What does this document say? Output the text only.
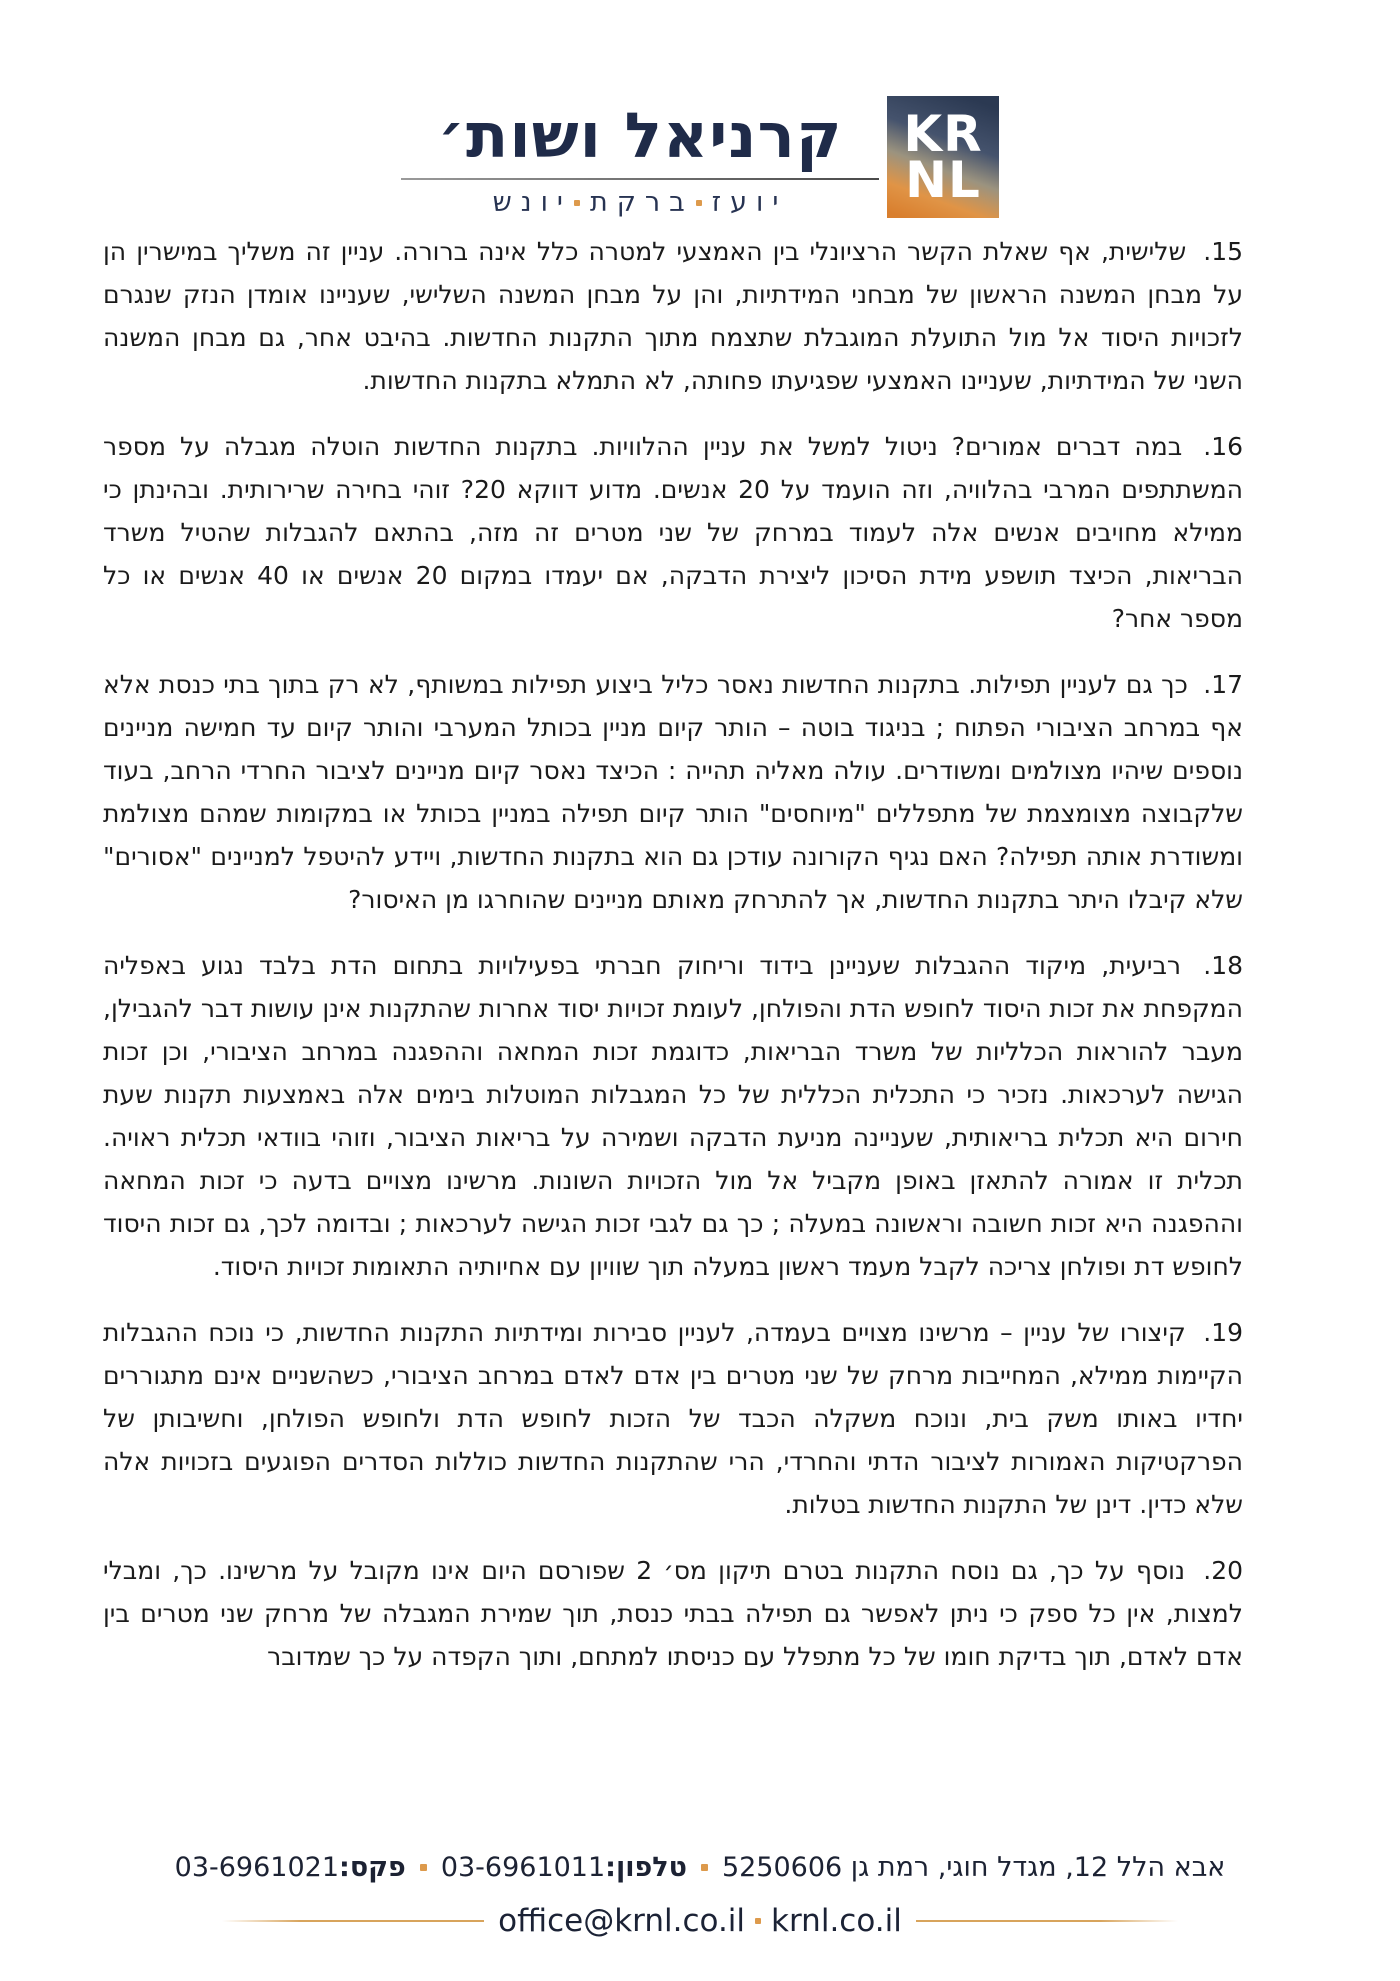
קרניאל ושות׳
יועז
ברקת
יונש
KR
NL
15. שלישית, אף שאלת הקשר הרציונלי בין האמצעי למטרה כלל אינה ברורה. עניין זה משליך במישרין הן על מבחן המשנה הראשון של מבחני המידתיות, והן על מבחן המשנה השלישי, שעניינו אומדן הנזק שנגרם לזכויות היסוד אל מול התועלת המוגבלת שתצמח מתוך התקנות החדשות. בהיבט אחר, גם מבחן המשנה השני של המידתיות, שעניינו האמצעי שפגיעתו פחותה, לא התמלא בתקנות החדשות.
16. במה דברים אמורים? ניטול למשל את עניין ההלוויות. בתקנות החדשות הוטלה מגבלה על מספר המשתתפים המרבי בהלוויה, וזה הועמד על 20 אנשים. מדוע דווקא 20? זוהי בחירה שרירותית. ובהינתן כי ממילא מחויבים אנשים אלה לעמוד במרחק של שני מטרים זה מזה, בהתאם להגבלות שהטיל משרד הבריאות, הכיצד תושפע מידת הסיכון ליצירת הדבקה, אם יעמדו במקום 20 אנשים או 40 אנשים או כל מספר אחר?
17. כך גם לעניין תפילות. בתקנות החדשות נאסר כליל ביצוע תפילות במשותף, לא רק בתוך בתי כנסת אלא אף במרחב הציבורי הפתוח ; בניגוד בוטה – הותר קיום מניין בכותל המערבי והותר קיום עד חמישה מניינים נוספים שיהיו מצולמים ומשודרים. עולה מאליה תהייה : הכיצד נאסר קיום מניינים לציבור החרדי הרחב, בעוד שלקבוצה מצומצמת של מתפללים "מיוחסים" הותר קיום תפילה במניין בכותל או במקומות שמהם מצולמת ומשודרת אותה תפילה? האם נגיף הקורונה עודכן גם הוא בתקנות החדשות, ויידע להיטפל למניינים "אסורים" שלא קיבלו היתר בתקנות החדשות, אך להתרחק מאותם מניינים שהוחרגו מן האיסור?
18. רביעית, מיקוד ההגבלות שעניינן בידוד וריחוק חברתי בפעילויות בתחום הדת בלבד נגוע באפליה המקפחת את זכות היסוד לחופש הדת והפולחן, לעומת זכויות יסוד אחרות שהתקנות אינן עושות דבר להגבילן, מעבר להוראות הכלליות של משרד הבריאות, כדוגמת זכות המחאה וההפגנה במרחב הציבורי, וכן זכות הגישה לערכאות. נזכיר כי התכלית הכללית של כל המגבלות המוטלות בימים אלה באמצעות תקנות שעת חירום היא תכלית בריאותית, שעניינה מניעת הדבקה ושמירה על בריאות הציבור, וזוהי בוודאי תכלית ראויה. תכלית זו אמורה להתאזן באופן מקביל אל מול הזכויות השונות. מרשינו מצויים בדעה כי זכות המחאה וההפגנה היא זכות חשובה וראשונה במעלה ; כך גם לגבי זכות הגישה לערכאות ; ובדומה לכך, גם זכות היסוד לחופש דת ופולחן צריכה לקבל מעמד ראשון במעלה תוך שוויון עם אחיותיה התאומות זכויות היסוד.
19. קיצורו של עניין – מרשינו מצויים בעמדה, לעניין סבירות ומידתיות התקנות החדשות, כי נוכח ההגבלות הקיימות ממילא, המחייבות מרחק של שני מטרים בין אדם לאדם במרחב הציבורי, כשהשניים אינם מתגוררים יחדיו באותו משק בית, ונוכח משקלה הכבד של הזכות לחופש הדת ולחופש הפולחן, וחשיבותן של הפרקטיקות האמורות לציבור הדתי והחרדי, הרי שהתקנות החדשות כוללות הסדרים הפוגעים בזכויות אלה שלא כדין. דינן של התקנות החדשות בטלות.
20. נוסף על כך, גם נוסח התקנות בטרם תיקון מס׳ 2 שפורסם היום אינו מקובל על מרשינו. כך, ומבלי למצות, אין כל ספק כי ניתן לאפשר גם תפילה בבתי כנסת, תוך שמירת המגבלה של מרחק שני מטרים בין אדם לאדם, תוך בדיקת חומו של כל מתפלל עם כניסתו למתחם, ותוך הקפדה על כך שמדובר
אבא הלל 12, מגדל חוגי, רמת גן 5250606
טלפון:03-6961011
פקס:03-6961021
office@krnl.co.il krnl.co.il
